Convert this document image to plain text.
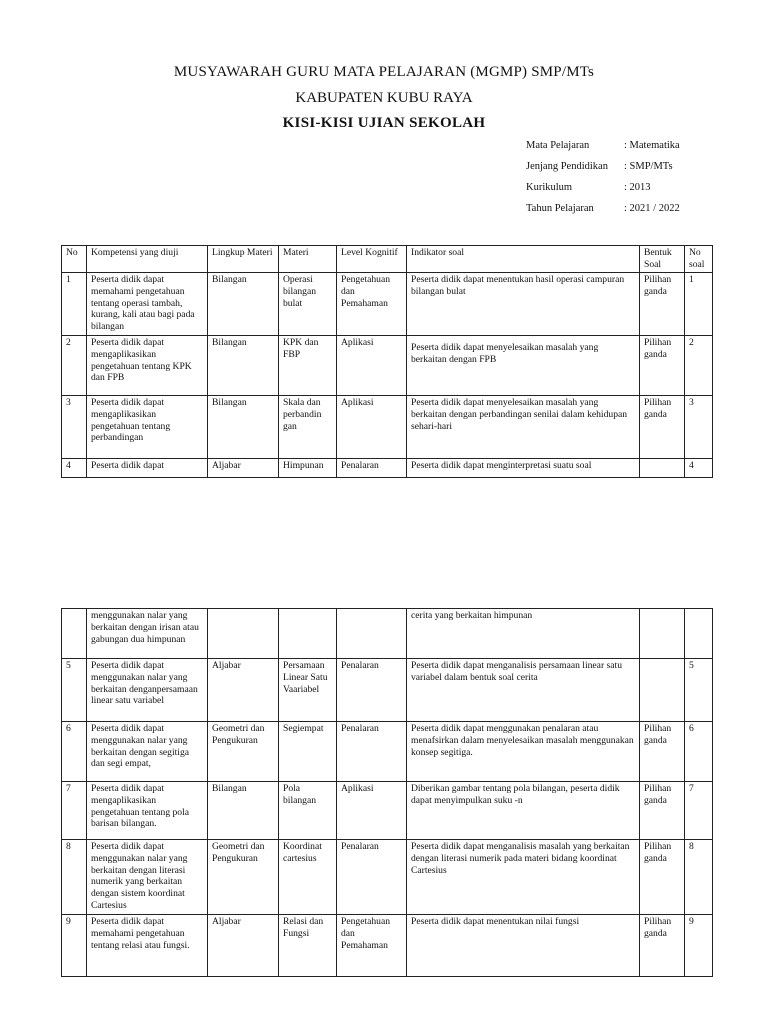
MUSYAWARAH GURU MATA PELAJARAN (MGMP) SMP/MTs
KABUPATEN KUBU RAYA
KISI-KISI UJIAN SEKOLAH
Mata Pelajaran	: Matematika
Jenjang Pendidikan : SMP/MTs
Kurikulum	: 2013
Tahun Pelajaran	: 2021 / 2022
No	Kompetensi yang diuji	Lingkup Materi	Materi	Level Kognitif	Indikator soal	Bentuk Soal	No soal
1	Peserta didik dapat memahami pengetahuan tentang operasi tambah, kurang, kali atau bagi pada bilangan	Bilangan	Operasi bilangan bulat	Pengetahuan dan Pemahaman	Peserta didik dapat menentukan hasil operasi campuran bilangan bulat	Pilihan ganda	1
2	Peserta didik dapat mengaplikasikan pengetahuan tentang KPK dan FPB	Bilangan	KPK dan FBP	Aplikasi	Peserta didik dapat menyelesaikan masalah yang berkaitan dengan FPB	Pilihan ganda	2
3	Peserta didik dapat mengaplikasikan pengetahuan tentang perbandingan	Bilangan	Skala dan perbandin gan	Aplikasi	Peserta didik dapat menyelesaikan masalah yang berkaitan dengan perbandingan senilai dalam kehidupan sehari-hari	Pilihan ganda	3
4	Peserta didik dapat	Aljabar	Himpunan	Penalaran	Peserta didik dapat menginterpretasi suatu soal		4
	menggunakan nalar yang berkaitan dengan irisan atau gabungan dua himpunan				cerita yang berkaitan himpunan		
5	Peserta didik dapat menggunakan nalar yang berkaitan denganpersamaan linear satu variabel	Aljabar	Persamaan Linear Satu Vaariabel	Penalaran	Peserta didik dapat menganalisis persamaan linear satu variabel dalam bentuk soal cerita		5
6	Peserta didik dapat menggunakan nalar yang berkaitan dengan segitiga dan segi empat,	Geometri dan Pengukuran	Segiempat	Penalaran	Peserta didik dapat menggunakan penalaran atau menafsirkan dalam menyelesaikan masalah menggunakan konsep segitiga.	Pilihan ganda	6
7	Peserta didik dapat mengaplikasikan pengetahuan tentang pola barisan bilangan.	Bilangan	Pola bilangan	Aplikasi	Diberikan gambar tentang pola bilangan, peserta didik dapat menyimpulkan suku -n	Pilihan ganda	7
8	Peserta didik dapat menggunakan nalar yang berkaitan dengan literasi numerik yang berkaitan dengan sistem koordinat Cartesius	Geometri dan Pengukuran	Koordinat cartesius	Penalaran	Peserta didik dapat menganalisis masalah yang berkaitan dengan literasi numerik pada materi bidang koordinat Cartesius	Pilihan ganda	8
9	Peserta didik dapat memahami pengetahuan tentang relasi atau fungsi.	Aljabar	Relasi dan Fungsi	Pengetahuan dan Pemahaman	Peserta didik dapat menentukan nilai fungsi	Pilihan ganda	9
